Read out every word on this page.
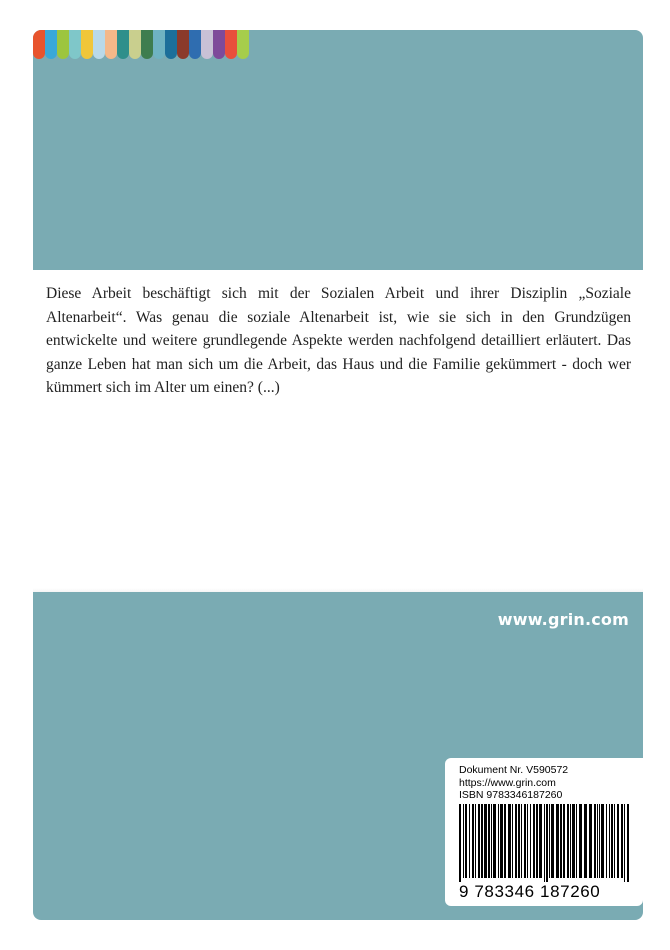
Diese Arbeit beschäftigt sich mit der Sozialen Arbeit und ihrer Disziplin „Soziale Altenarbeit“. Was genau die soziale Altenarbeit ist, wie sie sich in den Grundzügen entwickelte und weitere grundlegende Aspekte werden nachfolgend detailliert erläutert. Das ganze Leben hat man sich um die Arbeit, das Haus und die Familie gekümmert - doch wer kümmert sich im Alter um einen? (...)

www.grin.com
Dokument Nr. V590572
https://www.grin.com
ISBN 9783346187260
9 783346 187260
